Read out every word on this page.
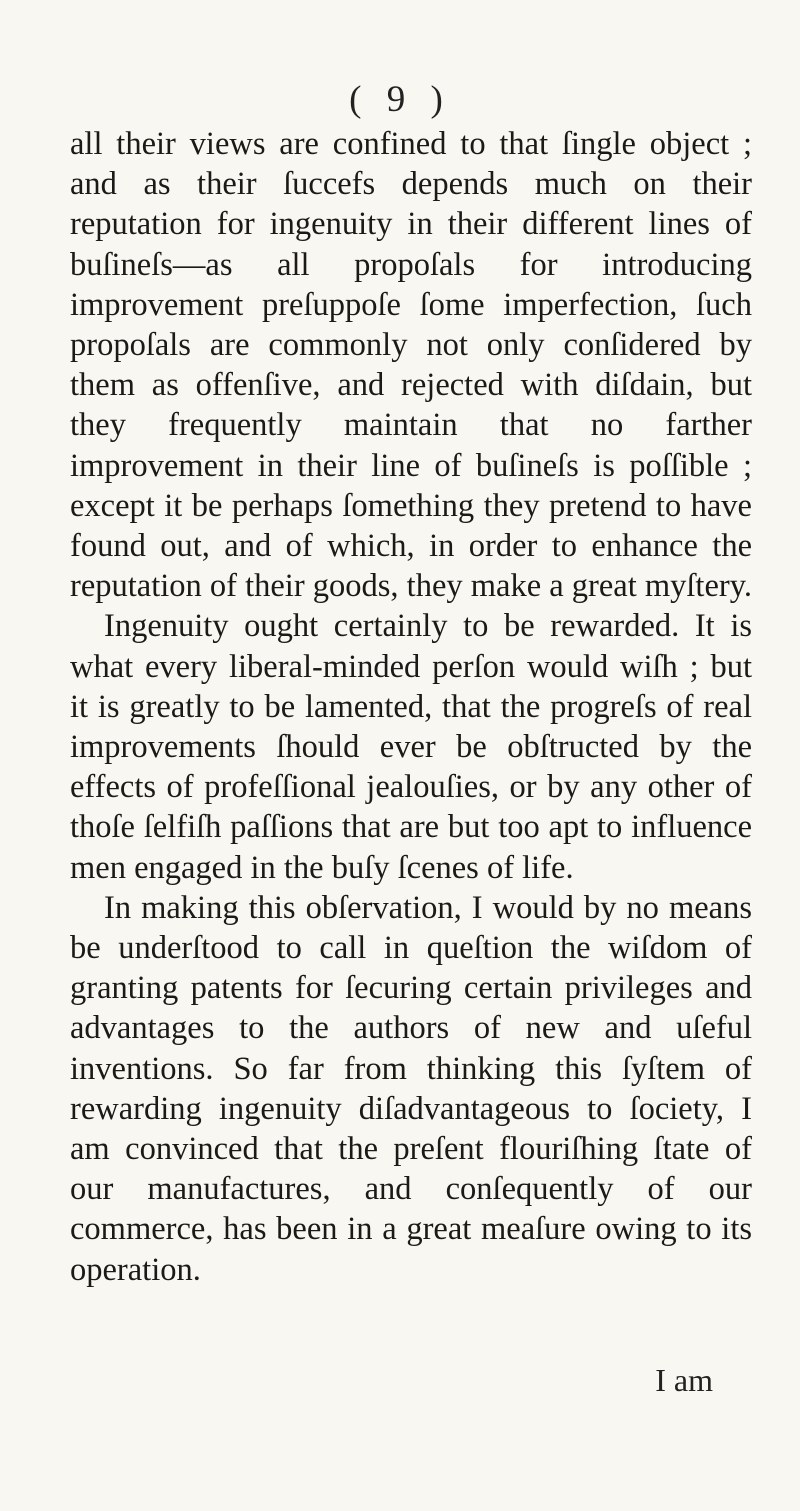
( 9 )

all their views are confined to that ſingle object ; and as their ſuccefs depends much on their reputation for ingenuity in their different lines of buſineſs—as all propoſals for introducing improvement preſuppoſe ſome imperfection, ſuch propoſals are commonly not only conſidered by them as offenſive, and rejected with diſdain, but they frequently maintain that no farther improvement in their line of buſineſs is poſſible ; except it be perhaps ſomething they pretend to have found out, and of which, in order to enhance the reputation of their goods, they make a great myſtery.

Ingenuity ought certainly to be rewarded. It is what every liberal-minded perſon would wiſh ; but it is greatly to be lamented, that the progreſs of real improvements ſhould ever be obſtructed by the effects of profeſſional jealouſies, or by any other of thoſe ſelfiſh paſſions that are but too apt to influence men engaged in the buſy ſcenes of life.

In making this obſervation, I would by no means be underſtood to call in queſtion the wiſdom of granting patents for ſecuring certain privileges and advantages to the authors of new and uſeful inventions. So far from thinking this ſyſtem of rewarding ingenuity diſadvantageous to ſociety, I am convinced that the preſent flouriſhing ſtate of our manufactures, and conſequently of our commerce, has been in a great meaſure owing to its operation.

I am
